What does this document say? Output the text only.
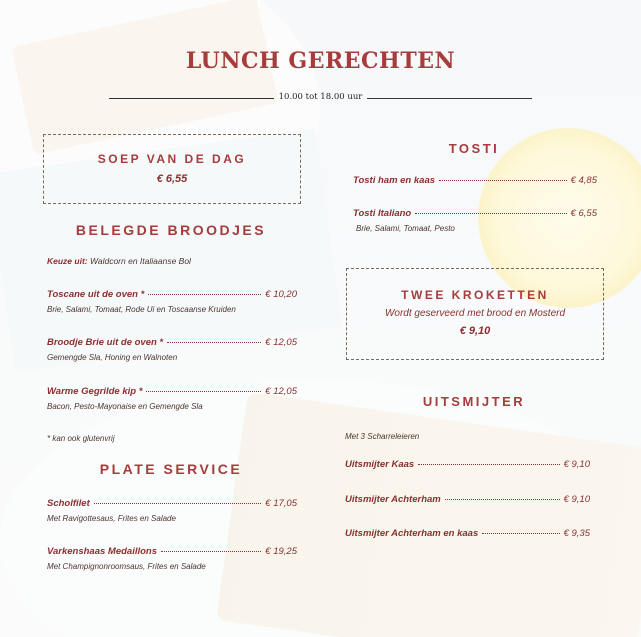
LUNCH GERECHTEN
10.00 tot 18.00 uur
SOEP VAN DE DAG
€ 6,55
BELEGDE BROODJES
Keuze uit: Waldcorn en Italiaanse Bol
Toscane uit de oven *	€ 10,20
Brie, Salami, Tomaat, Rode Ui en Toscaanse Kruiden
Broodje Brie uit de oven *	€ 12,05
Gemengde Sla, Honing en Walnoten
Warme Gegrilde kip *	€ 12,05
Bacon, Pesto-Mayonaise en Gemengde Sla
* kan ook glutenvrij
PLATE SERVICE
Scholfilet	€ 17,05
Met Ravigottesaus, Frites en Salade
Varkenshaas Medaillons	€ 19,25
Met Champignonroomsaus, Frites en Salade
TOSTI
Tosti ham en kaas	€ 4,85
Tosti Italiano	€ 6,55
Brie, Salami, Tomaat, Pesto
TWEE KROKETTEN
Wordt geserveerd met brood en Mosterd
€ 9,10
UITSMIJTER
Met 3 Scharreleieren
Uitsmijter Kaas	€ 9,10
Uitsmijter Achterham	€ 9,10
Uitsmijter Achterham en kaas	€ 9,35
